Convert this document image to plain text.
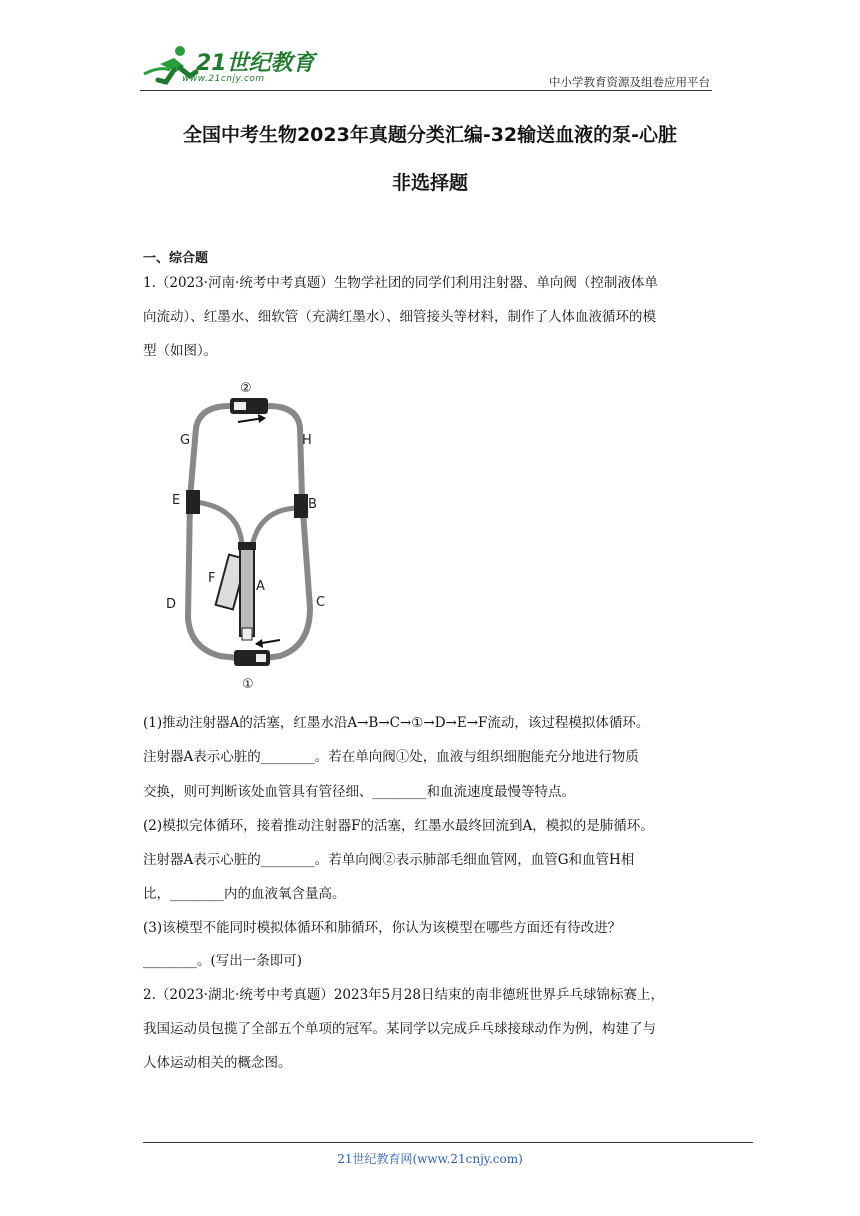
21世纪教育
www.21cnjy.com	中小学教育资源及组卷应用平台
全国中考生物2023年真题分类汇编-32输送血液的泵-心脏
非选择题
一、综合题
1.（2023·河南·统考中考真题）生物学社团的同学们利用注射器、单向阀（控制液体单
向流动）、红墨水、细软管（充满红墨水）、细管接头等材料，制作了人体血液循环的模
型（如图）。
②
①
G	H
E	B
F
A
D	C
(1)推动注射器A的活塞，红墨水沿A→B→C→①→D→E→F流动，该过程模拟体循环。
注射器A表示心脏的________。若在单向阀①处，血液与组织细胞能充分地进行物质
交换，则可判断该处血管具有管径细、________和血流速度最慢等特点。
(2)模拟完体循环，接着推动注射器F的活塞，红墨水最终回流到A，模拟的是肺循环。
注射器A表示心脏的________。若单向阀②表示肺部毛细血管网，血管G和血管H相
比，________内的血液氧含量高。
(3)该模型不能同时模拟体循环和肺循环，你认为该模型在哪些方面还有待改进？
________。(写出一条即可)
2.（2023·湖北·统考中考真题）2023年5月28日结束的南非德班世界乒乓球锦标赛上，
我国运动员包揽了全部五个单项的冠军。某同学以完成乒乓球接球动作为例，构建了与
人体运动相关的概念图。
21世纪教育网(www.21cnjy.com)
